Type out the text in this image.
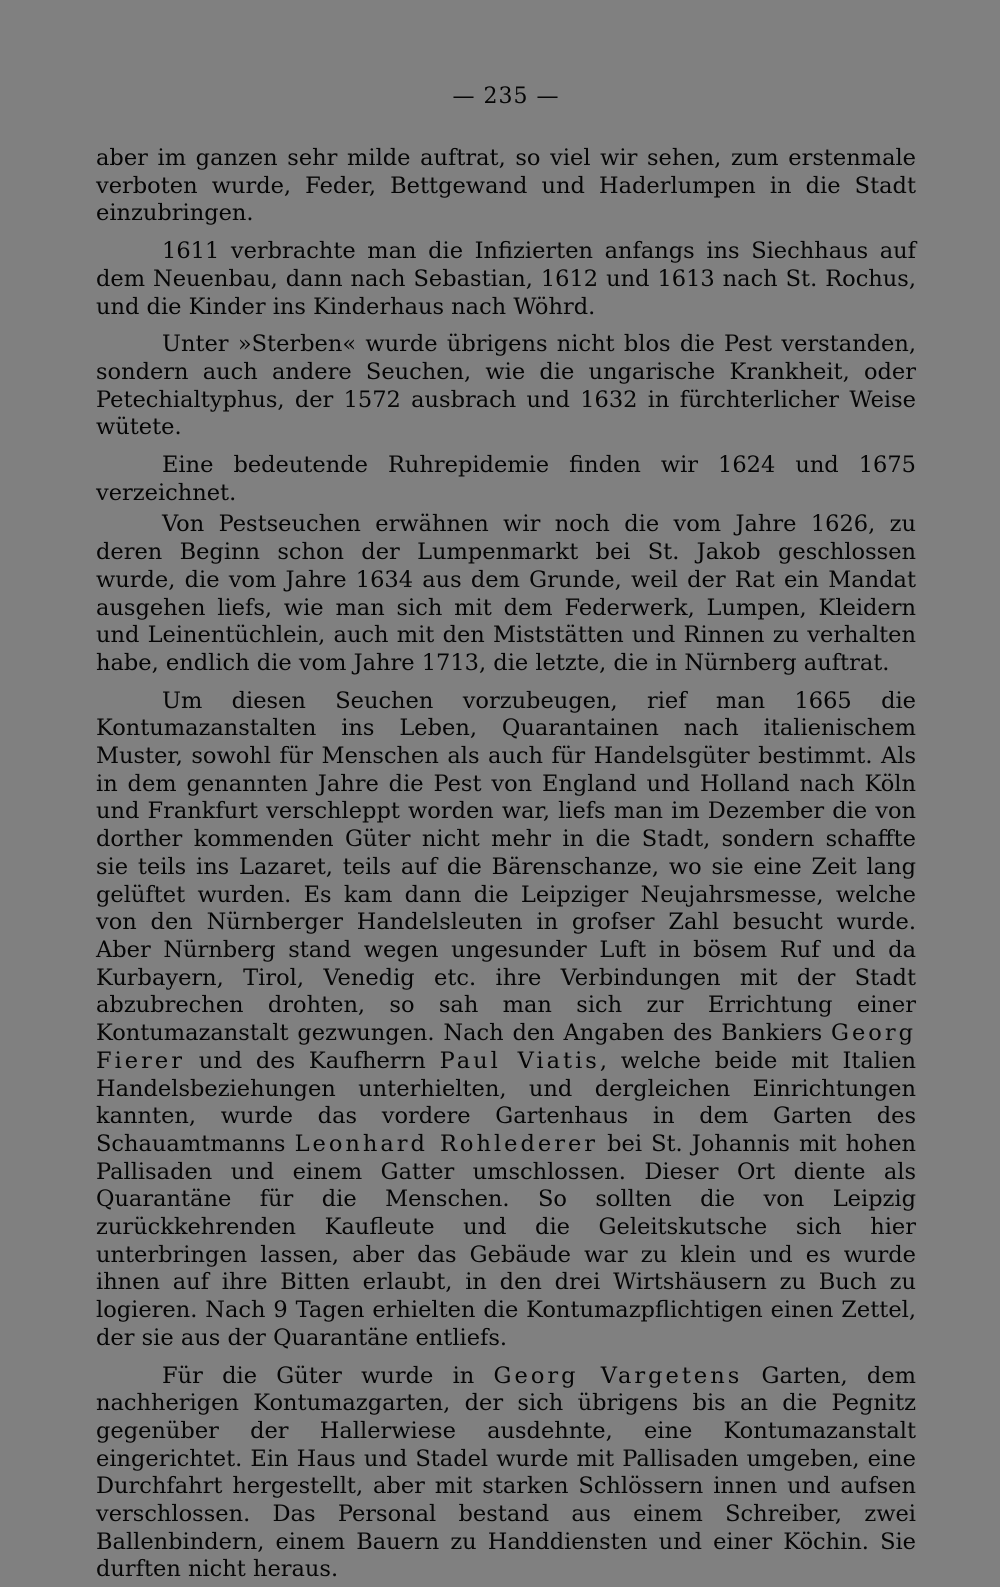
— 235 —

aber im ganzen sehr milde auftrat, so viel wir sehen, zum erstenmale verboten wurde, Feder, Bettgewand und Haderlumpen in die Stadt einzubringen.

1611 verbrachte man die Infizierten anfangs ins Siechhaus auf dem Neuenbau, dann nach Sebastian, 1612 und 1613 nach St. Rochus, und die Kinder ins Kinderhaus nach Wöhrd.

Unter »Sterben« wurde übrigens nicht blos die Pest verstanden, sondern auch andere Seuchen, wie die ungarische Krankheit, oder Petechialtyphus, der 1572 ausbrach und 1632 in fürchterlicher Weise wütete.

Eine bedeutende Ruhrepidemie finden wir 1624 und 1675 verzeichnet.

Von Pestseuchen erwähnen wir noch die vom Jahre 1626, zu deren Beginn schon der Lumpenmarkt bei St. Jakob geschlossen wurde, die vom Jahre 1634 aus dem Grunde, weil der Rat ein Mandat ausgehen liefs, wie man sich mit dem Federwerk, Lumpen, Kleidern und Leinentüchlein, auch mit den Miststätten und Rinnen zu verhalten habe, endlich die vom Jahre 1713, die letzte, die in Nürnberg auftrat.

Um diesen Seuchen vorzubeugen, rief man 1665 die Kontumazanstalten ins Leben, Quarantainen nach italienischem Muster, sowohl für Menschen als auch für Handelsgüter bestimmt. Als in dem genannten Jahre die Pest von England und Holland nach Köln und Frankfurt verschleppt worden war, liefs man im Dezember die von dorther kommenden Güter nicht mehr in die Stadt, sondern schaffte sie teils ins Lazaret, teils auf die Bärenschanze, wo sie eine Zeit lang gelüftet wurden. Es kam dann die Leipziger Neujahrsmesse, welche von den Nürnberger Handelsleuten in grofser Zahl besucht wurde. Aber Nürnberg stand wegen ungesunder Luft in bösem Ruf und da Kurbayern, Tirol, Venedig etc. ihre Verbindungen mit der Stadt abzubrechen drohten, so sah man sich zur Errichtung einer Kontumazanstalt gezwungen. Nach den Angaben des Bankiers Georg Fierer und des Kaufherrn Paul Viatis, welche beide mit Italien Handelsbeziehungen unterhielten, und dergleichen Einrichtungen kannten, wurde das vordere Gartenhaus in dem Garten des Schauamtmanns Leonhard Rohlederer bei St. Johannis mit hohen Pallisaden und einem Gatter umschlossen. Dieser Ort diente als Quarantäne für die Menschen. So sollten die von Leipzig zurückkehrenden Kaufleute und die Geleitskutsche sich hier unterbringen lassen, aber das Gebäude war zu klein und es wurde ihnen auf ihre Bitten erlaubt, in den drei Wirtshäusern zu Buch zu logieren. Nach 9 Tagen erhielten die Kontumazpflichtigen einen Zettel, der sie aus der Quarantäne entliefs.

Für die Güter wurde in Georg Vargetens Garten, dem nachherigen Kontumazgarten, der sich übrigens bis an die Pegnitz gegenüber der Hallerwiese ausdehnte, eine Kontumazanstalt eingerichtet. Ein Haus und Stadel wurde mit Pallisaden umgeben, eine Durchfahrt hergestellt, aber mit starken Schlössern innen und aufsen verschlossen. Das Personal bestand aus einem Schreiber, zwei Ballenbindern, einem Bauern zu Handdiensten und einer Köchin. Sie durften nicht heraus.
